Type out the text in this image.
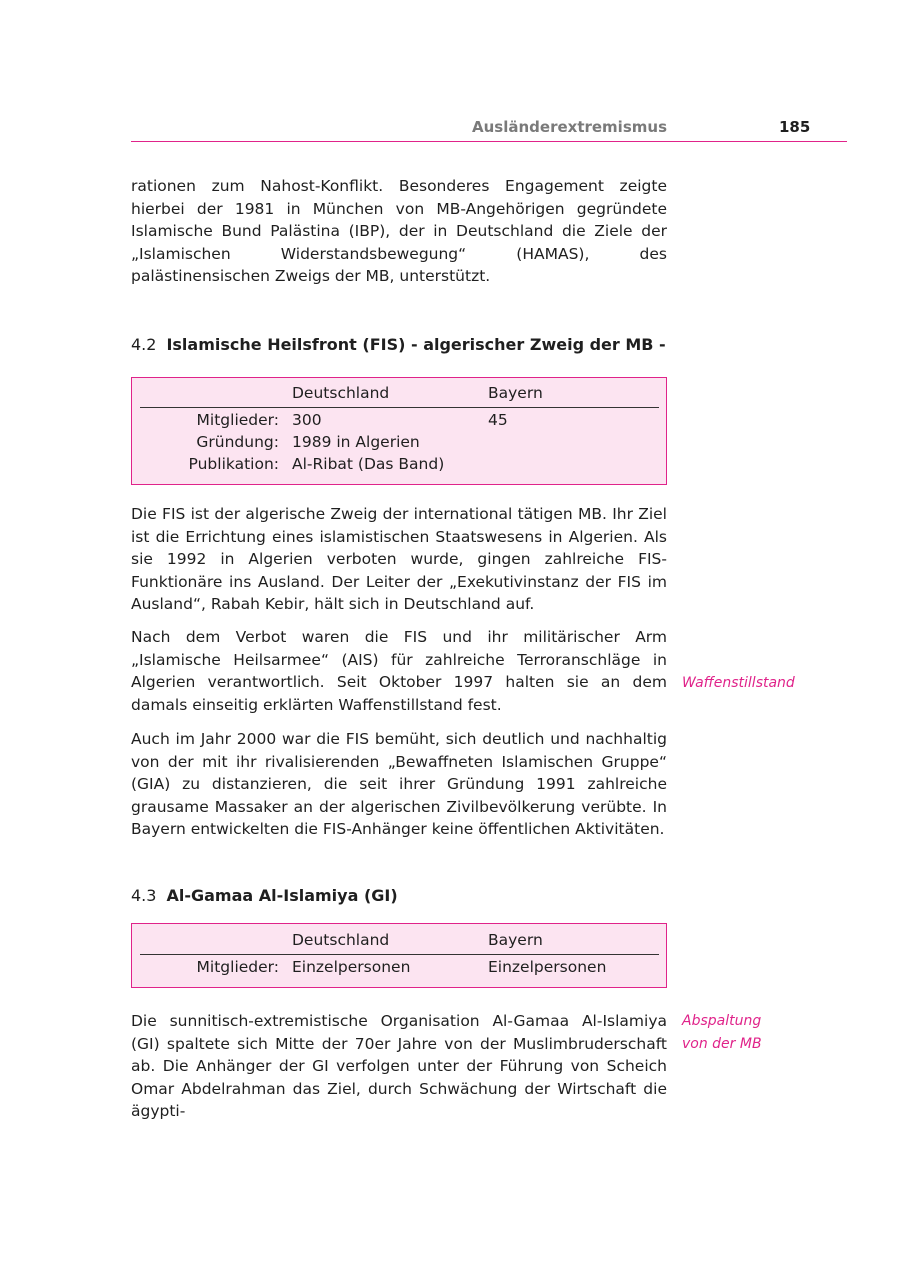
Ausländerextremismus	185

rationen zum Nahost-Konflikt. Besonderes Engagement zeigte hierbei der 1981 in München von MB-Angehörigen gegründete Islamische Bund Palästina (IBP), der in Deutschland die Ziele der „Islamischen Widerstandsbewegung“ (HAMAS), des palästinensischen Zweigs der MB, unterstützt.

4.2 Islamische Heilsfront (FIS) - algerischer Zweig der MB -
Deutschland	Bayern
Mitglieder: 300	45
Gründung: 1989 in Algerien
Publikation: Al-Ribat (Das Band)

Die FIS ist der algerische Zweig der international tätigen MB. Ihr Ziel ist die Errichtung eines islamistischen Staatswesens in Algerien. Als sie 1992 in Algerien verboten wurde, gingen zahlreiche FIS-Funktionäre ins Ausland. Der Leiter der „Exekutivinstanz der FIS im Ausland“, Rabah Kebir, hält sich in Deutschland auf.

Nach dem Verbot waren die FIS und ihr militärischer Arm „Islamische Heilsarmee“ (AIS) für zahlreiche Terroranschläge in Algerien verantwortlich. Seit Oktober 1997 halten sie an dem damals einseitig erklärten Waffenstillstand fest.

Auch im Jahr 2000 war die FIS bemüht, sich deutlich und nachhaltig von der mit ihr rivalisierenden „Bewaffneten Islamischen Gruppe“ (GIA) zu distanzieren, die seit ihrer Gründung 1991 zahlreiche grausame Massaker an der algerischen Zivilbevölkerung verübte. In Bayern entwickelten die FIS-Anhänger keine öffentlichen Aktivitäten.

Waffenstillstand

4.3 Al-Gamaa Al-Islamiya (GI)
Deutschland	Bayern
Mitglieder: Einzelpersonen	Einzelpersonen

Die sunnitisch-extremistische Organisation Al-Gamaa Al-Islamiya (GI) spaltete sich Mitte der 70er Jahre von der Muslimbruderschaft ab. Die Anhänger der GI verfolgen unter der Führung von Scheich Omar Abdelrahman das Ziel, durch Schwächung der Wirtschaft die ägypti-

Abspaltung
von der MB
